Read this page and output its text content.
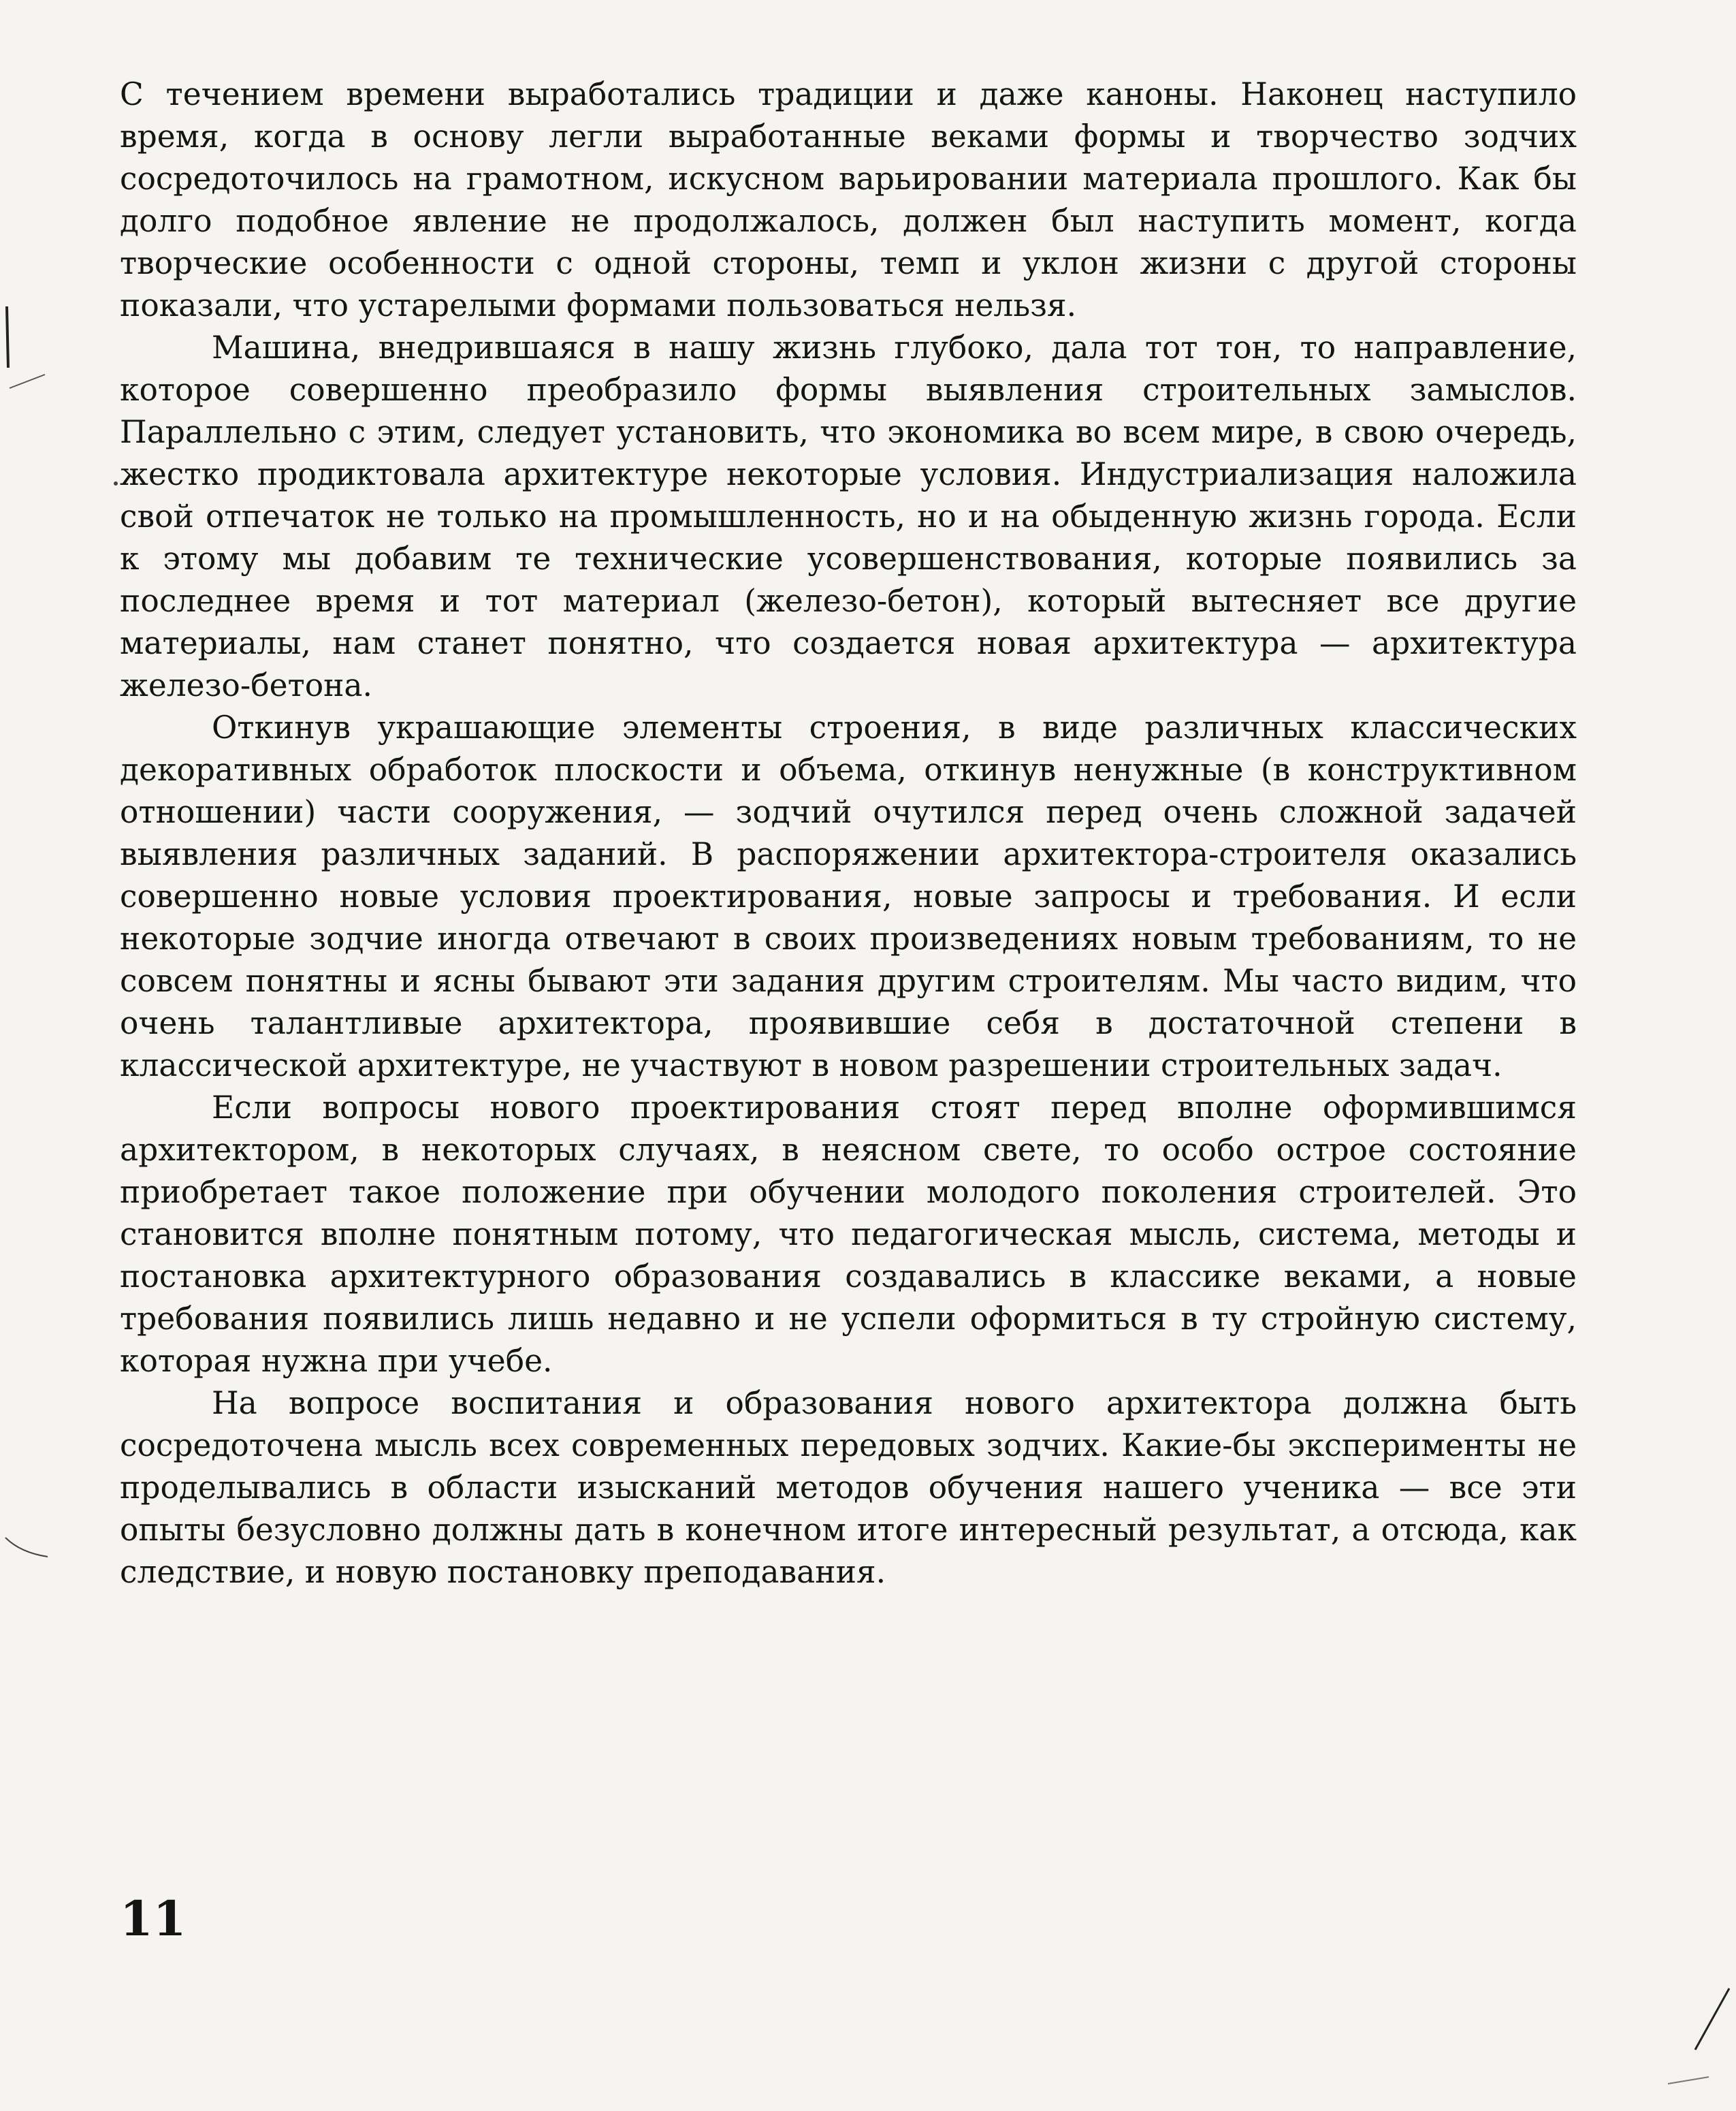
С течением времени выработались традиции и даже каноны. Наконец наступило время, когда в основу легли выработанные веками формы и творчество зодчих сосредоточилось на грамотном, искусном варьировании материала прошлого. Как бы долго подобное явление не продолжалось, должен был наступить момент, когда творческие особенности с одной стороны, темп и уклон жизни с другой стороны показали, что устарелыми формами пользоваться нельзя.

Машина, внедрившаяся в нашу жизнь глубоко, дала тот тон, то направление, которое совершенно преобразило формы выявления строительных замыслов. Параллельно с этим, следует установить, что экономика во всем мире, в свою очередь, жестко продиктовала архитектуре некоторые условия. Индустриализация наложила свой отпечаток не только на промышленность, но и на обыденную жизнь города. Если к этому мы добавим те технические усовершенствования, которые появились за последнее время и тот материал (железо-бетон), который вытесняет все другие материалы, нам станет понятно, что создается новая архитектура — архитектура железо-бетона.

Откинув украшающие элементы строения, в виде различных классических декоративных обработок плоскости и объема, откинув ненужные (в конструктивном отношении) части сооружения, — зодчий очутился перед очень сложной задачей выявления различных заданий. В распоряжении архитектора-строителя оказались совершенно новые условия проектирования, новые запросы и требования. И если некоторые зодчие иногда отвечают в своих произведениях новым требованиям, то не совсем понятны и ясны бывают эти задания другим строителям. Мы часто видим, что очень талантливые архитектора, проявившие себя в достаточной степени в классической архитектуре, не участвуют в новом разрешении строительных задач.

Если вопросы нового проектирования стоят перед вполне оформившимся архитектором, в некоторых случаях, в неясном свете, то особо острое состояние приобретает такое положение при обучении молодого поколения строителей. Это становится вполне понятным потому, что педагогическая мысль, система, методы и постановка архитектурного образования создавались в классике веками, а новые требования появились лишь недавно и не успели оформиться в ту стройную систему, которая нужна при учебе.

На вопросе воспитания и образования нового архитектора должна быть сосредоточена мысль всех современных передовых зодчих. Какие-бы эксперименты не проделывались в области изысканий методов обучения нашего ученика — все эти опыты безусловно должны дать в конечном итоге интересный результат, а отсюда, как следствие, и новую постановку преподавания.

11
